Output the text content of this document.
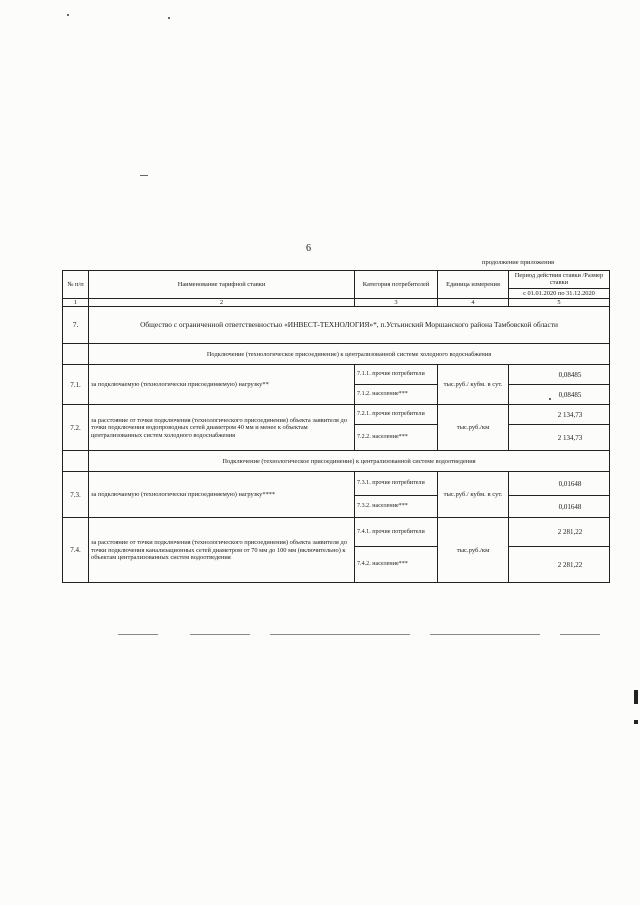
6
продолжение приложения
№ п/п	Наименование тарифной ставки	Категория потребителей	Единица измерения	Период действия ставки /Размер ставки
с 01.01.2020 по 31.12.2020

1	2	3	4	5
7.	Общество с ограниченной ответственностью «ИНВЕСТ-ТЕХНОЛОГИЯ»*, п.Устьинский Моршанского района Тамбовской области			
	Подключение (технологическое присоединение) к централизованной системе холодного водоснабжения			
7.1.	за подключаемую (технологически присоединяемую) нагрузку**	7.1.1. прочие потребители	тыс.руб./ кубм. в сут.	0,08485
		7.1.2. население***		0,08485
7.2.	за расстояние от точки подключения (технологического присоединения) объекта заявителя до точки подключения водопроводных сетей диаметром 40 мм и менее к объектам централизованных систем холодного водоснабжения	7.2.1. прочие потребители	тыс.руб./км	2 134,73
		7.2.2. население***		2 134,73
	Подключение (технологическое присоединение) к централизованной системе водоотведения			
7.3.	за подключаемую (технологически присоединяемую) нагрузку****	7.3.1. прочие потребители	тыс.руб./ кубм. в сут.	0,01648
		7.3.2. население***		0,01648
7.4.	за расстояние от точки подключения (технологического присоединения) объекта заявителя до точки подключения канализационных сетей диаметром от 70 мм до 100 мм (включительно) к объектам централизованных систем водоотведения	7.4.1. прочие потребители	тыс.руб./км	2 281,22
		7.4.2. население***		2 281,22
